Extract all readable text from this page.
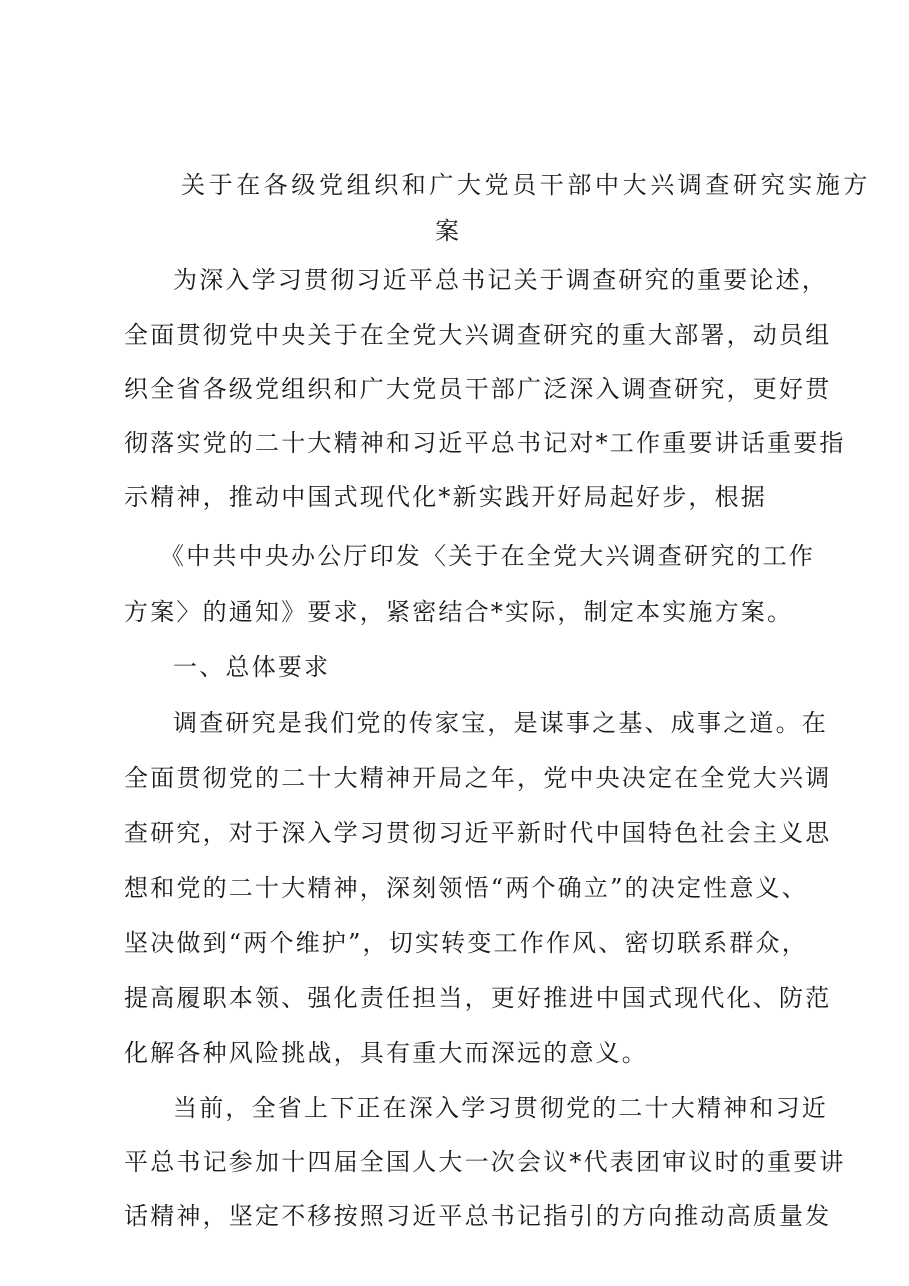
关于在各级党组织和广大党员干部中大兴调查研究实施方
案
为深入学习贯彻习近平总书记关于调查研究的重要论述，
全面贯彻党中央关于在全党大兴调查研究的重大部署，动员组
织全省各级党组织和广大党员干部广泛深入调查研究，更好贯
彻落实党的二十大精神和习近平总书记对*工作重要讲话重要指
示精神，推动中国式现代化*新实践开好局起好步，根据
《中共中央办公厅印发〈关于在全党大兴调查研究的工作
方案〉的通知》要求，紧密结合*实际，制定本实施方案。
一、总体要求
调查研究是我们党的传家宝，是谋事之基、成事之道。在
全面贯彻党的二十大精神开局之年，党中央决定在全党大兴调
查研究，对于深入学习贯彻习近平新时代中国特色社会主义思
想和党的二十大精神，深刻领悟“两个确立”的决定性意义、
坚决做到“两个维护”，切实转变工作作风、密切联系群众，
提高履职本领、强化责任担当，更好推进中国式现代化、防范
化解各种风险挑战，具有重大而深远的意义。
当前，全省上下正在深入学习贯彻党的二十大精神和习近
平总书记参加十四届全国人大一次会议*代表团审议时的重要讲
话精神，坚定不移按照习近平总书记指引的方向推动高质量发
